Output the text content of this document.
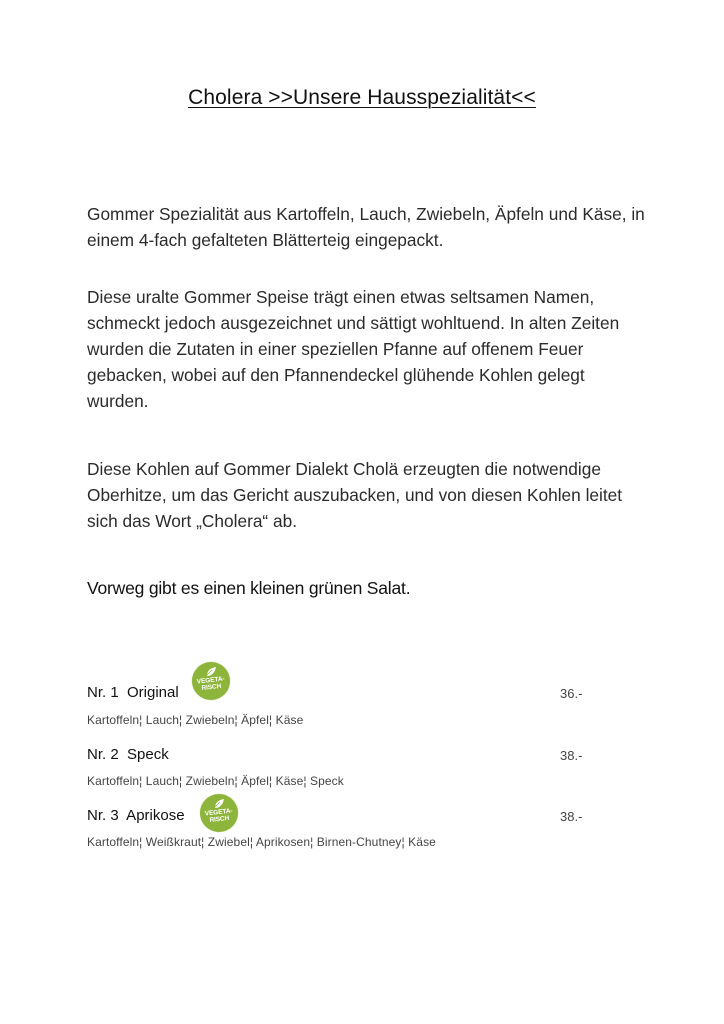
Cholera >>Unsere Hausspezialität<<

Gommer Spezialität aus Kartoffeln, Lauch, Zwiebeln, Äpfeln und Käse, in einem 4-fach gefalteten Blätterteig eingepackt.

Diese uralte Gommer Speise trägt einen etwas seltsamen Namen, schmeckt jedoch ausgezeichnet und sättigt wohltuend. In alten Zeiten wurden die Zutaten in einer speziellen Pfanne auf offenem Feuer gebacken, wobei auf den Pfannendeckel glühende Kohlen gelegt wurden.

Diese Kohlen auf Gommer Dialekt Cholä erzeugten die notwendige Oberhitze, um das Gericht auszubacken, und von diesen Kohlen leitet sich das Wort „Cholera“ ab.

Vorweg gibt es einen kleinen grünen Salat.
Nr. 1  Original	36.-
VEGETA-
RISCH
Kartoffeln¦ Lauch¦ Zwiebeln¦ Äpfel¦ Käse
Nr. 2  Speck	38.-
Kartoffeln¦ Lauch¦ Zwiebeln¦ Äpfel¦ Käse¦ Speck
Nr. 3  Aprikose	38.-
VEGETA-
RISCH
Kartoffeln¦ Weißkraut¦ Zwiebel¦ Aprikosen¦ Birnen-Chutney¦ Käse
